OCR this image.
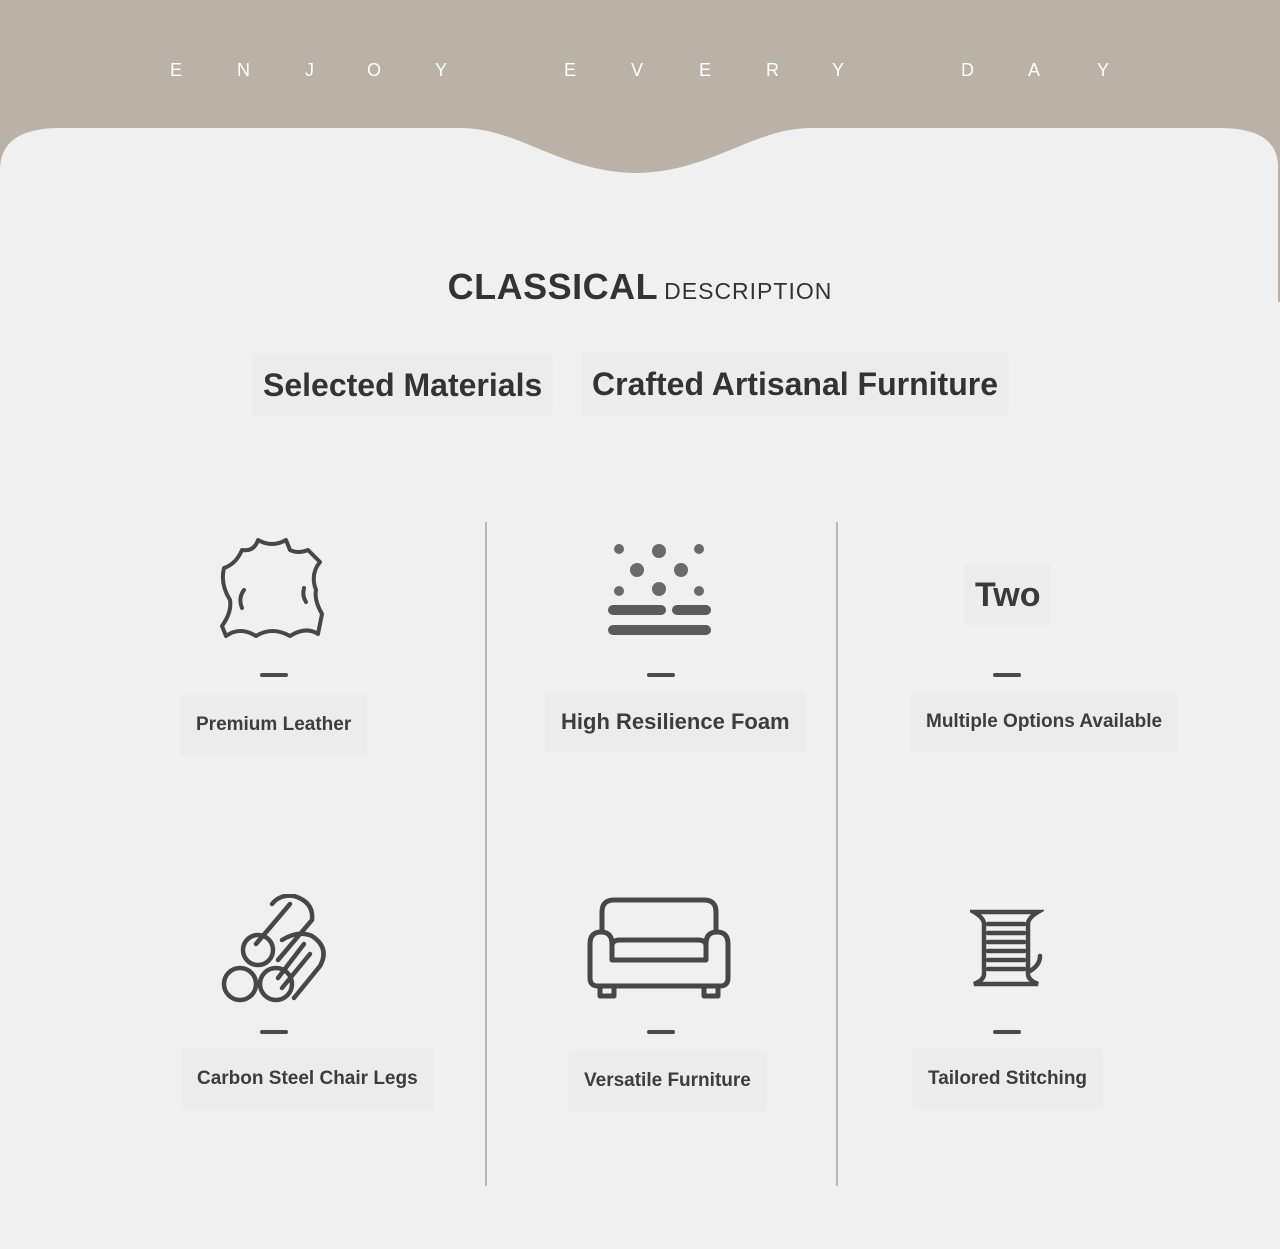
E	N	J	O	Y	E	V	E	R	Y	D	A	Y
CLASSICAL DESCRIPTION
Selected Materials	Crafted Artisanal Furniture
Two
Premium Leather	High Resilience Foam	Multiple Options Available
Carbon Steel Chair Legs	Versatile Furniture	Tailored Stitching
